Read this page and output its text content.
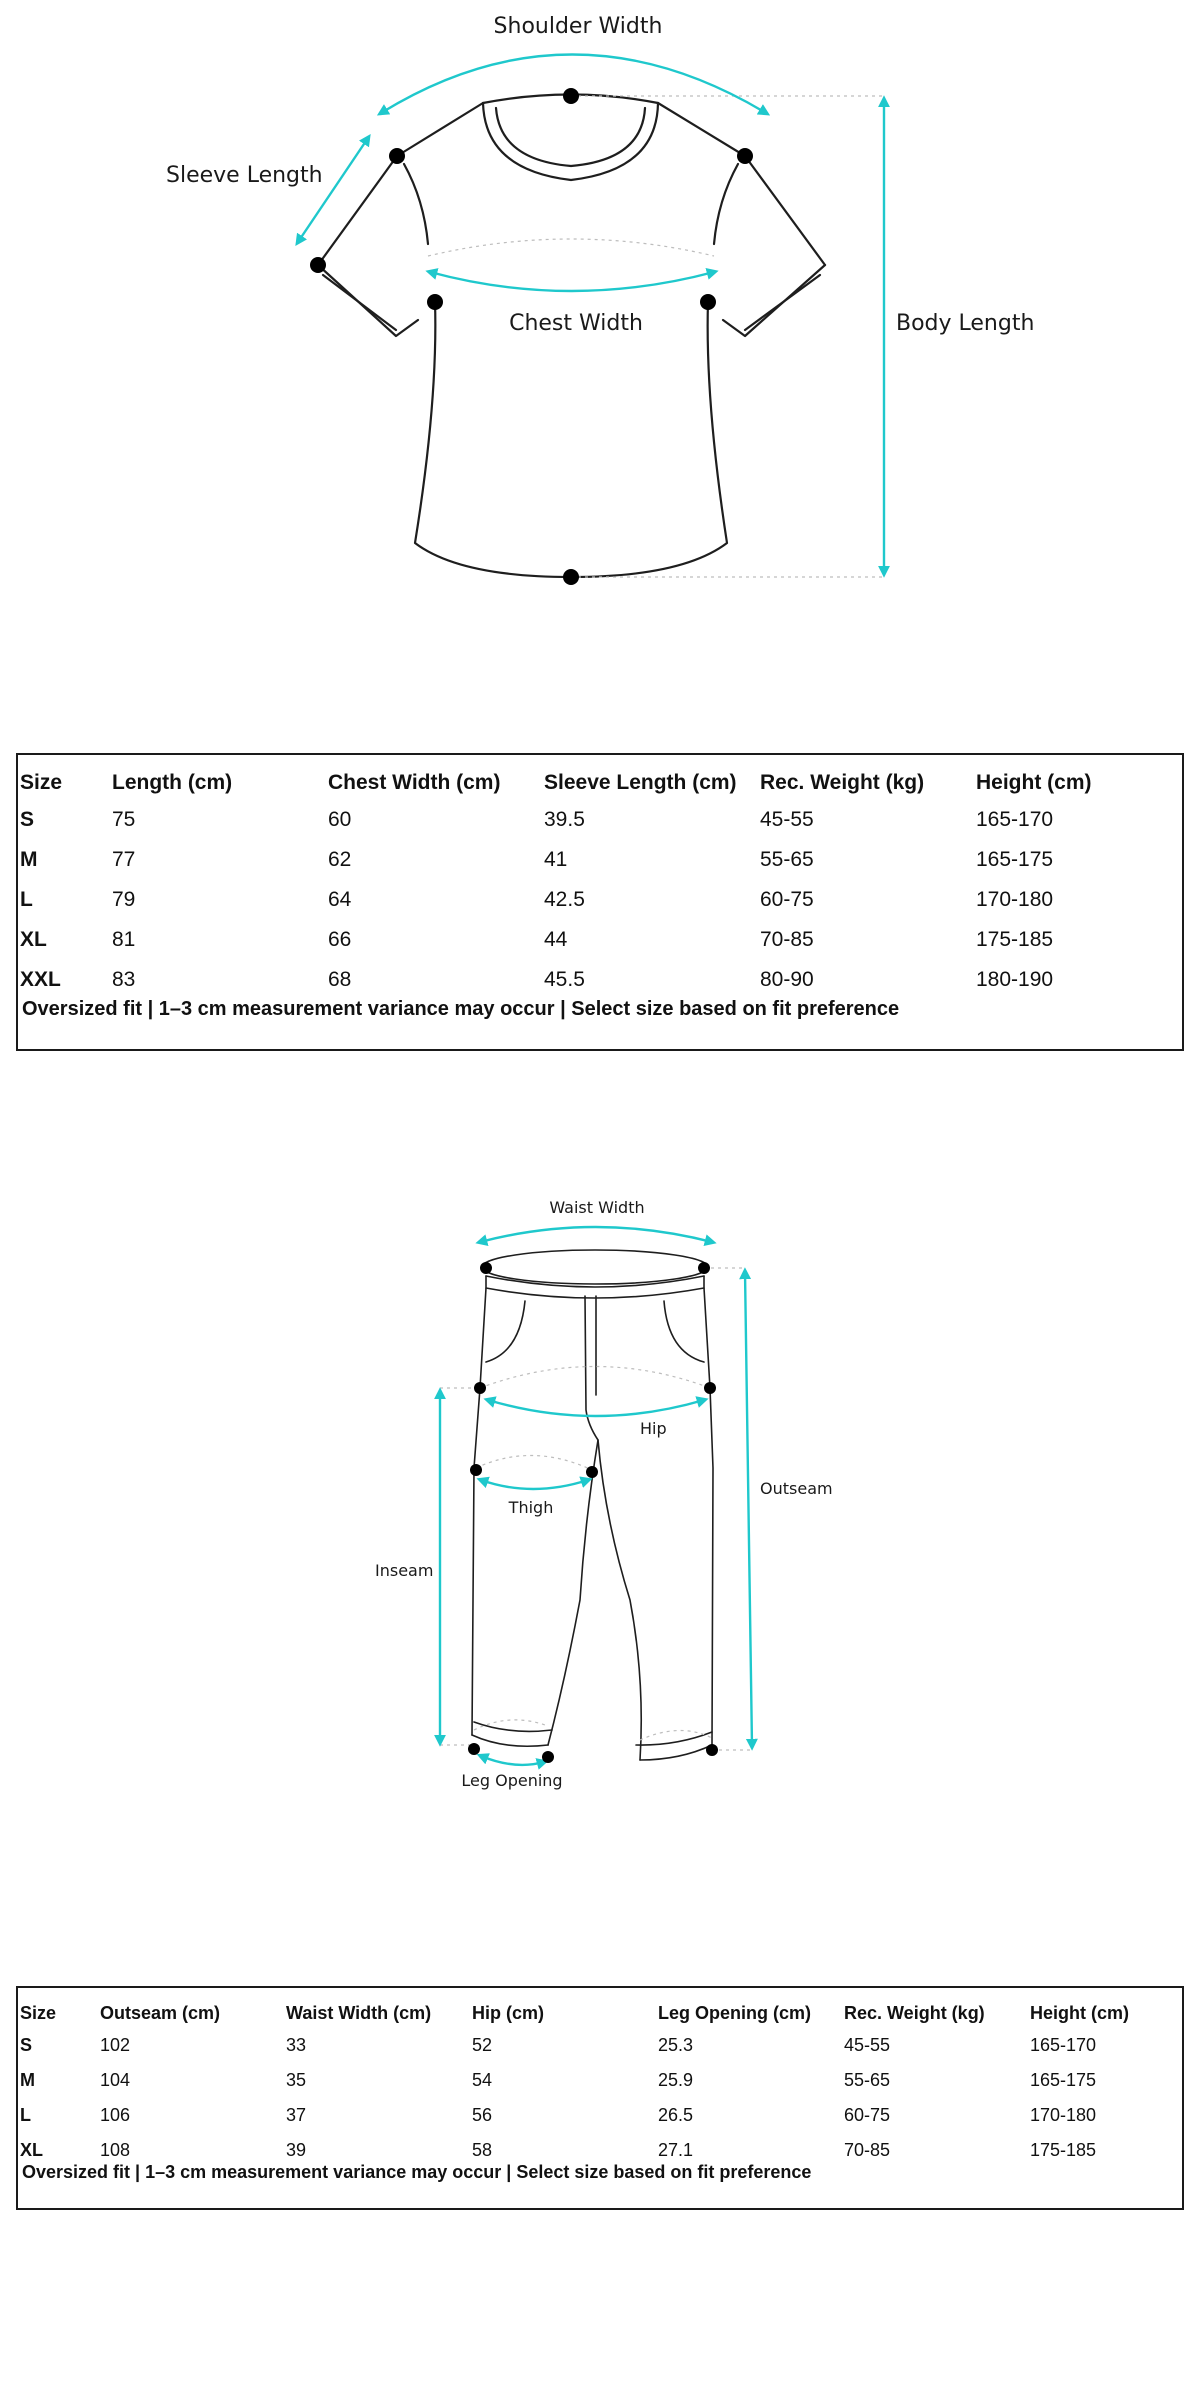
Shoulder Width
Sleeve Length
Chest Width	Body Length
Size	Length (cm)	Chest Width (cm)	Sleeve Length (cm)	Rec. Weight (kg)	Height (cm)
S	75	60	39.5	45-55	165-170
M	77	62	41	55-65	165-175
L	79	64	42.5	60-75	170-180
XL	81	66	44	70-85	175-185
XXL	83	68	45.5	80-90	180-190
Oversized fit | 1–3 cm measurement variance may occur | Select size based on fit preference
Waist Width
Hip
Outseam
Thigh
Inseam
Leg Opening
Size	Outseam (cm)	Waist Width (cm)	Hip (cm)	Leg Opening (cm)	Rec. Weight (kg)	Height (cm)
S	102	33	52	25.3	45-55	165-170
M	104	35	54	25.9	55-65	165-175
L	106	37	56	26.5	60-75	170-180
XL	108	39	58	27.1	70-85	175-185
Oversized fit | 1–3 cm measurement variance may occur | Select size based on fit preference
